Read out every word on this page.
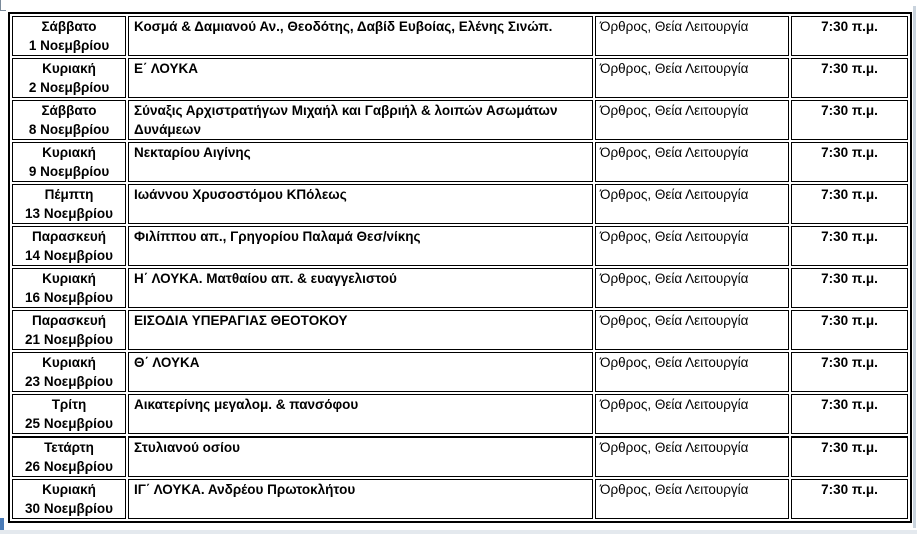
Σάββατο
1 Νοεμβρίου	Κοσμά & Δαμιανού Αν., Θεοδότης, Δαβίδ Ευβοίας, Ελένης Σινώπ.	Όρθρος, Θεία Λειτουργία	7:30 π.μ.

Κυριακή
2 Νοεμβρίου	Ε΄ ΛΟΥΚΑ	Όρθρος, Θεία Λειτουργία	7:30 π.μ.

Σάββατο
8 Νοεμβρίου	Σύναξις Αρχιστρατήγων Μιχαήλ και Γαβριήλ & λοιπών Ασωμάτων
Δυνάμεων	Όρθρος, Θεία Λειτουργία	7:30 π.μ.

Κυριακή
9 Νοεμβρίου	Νεκταρίου Αιγίνης	Όρθρος, Θεία Λειτουργία	7:30 π.μ.

Πέμπτη
13 Νοεμβρίου	Ιωάννου Χρυσοστόμου ΚΠόλεως	Όρθρος, Θεία Λειτουργία	7:30 π.μ.

Παρασκευή
14 Νοεμβρίου	Φιλίππου απ., Γρηγορίου Παλαμά Θεσ/νίκης	Όρθρος, Θεία Λειτουργία	7:30 π.μ.

Κυριακή
16 Νοεμβρίου	Η΄ ΛΟΥΚΑ. Ματθαίου απ. & ευαγγελιστού	Όρθρος, Θεία Λειτουργία	7:30 π.μ.

Παρασκευή
21 Νοεμβρίου	ΕΙΣΟΔΙΑ ΥΠΕΡΑΓΙΑΣ ΘΕΟΤΟΚΟΥ	Όρθρος, Θεία Λειτουργία	7:30 π.μ.

Κυριακή
23 Νοεμβρίου	Θ΄ ΛΟΥΚΑ	Όρθρος, Θεία Λειτουργία	7:30 π.μ.

Τρίτη
25 Νοεμβρίου	Αικατερίνης μεγαλομ. & πανσόφου	Όρθρος, Θεία Λειτουργία	7:30 π.μ.

Τετάρτη
26 Νοεμβρίου	Στυλιανού οσίου	Όρθρος, Θεία Λειτουργία	7:30 π.μ.

Κυριακή
30 Νοεμβρίου	ΙΓ΄ ΛΟΥΚΑ. Ανδρέου Πρωτοκλήτου	Όρθρος, Θεία Λειτουργία	7:30 π.μ.
